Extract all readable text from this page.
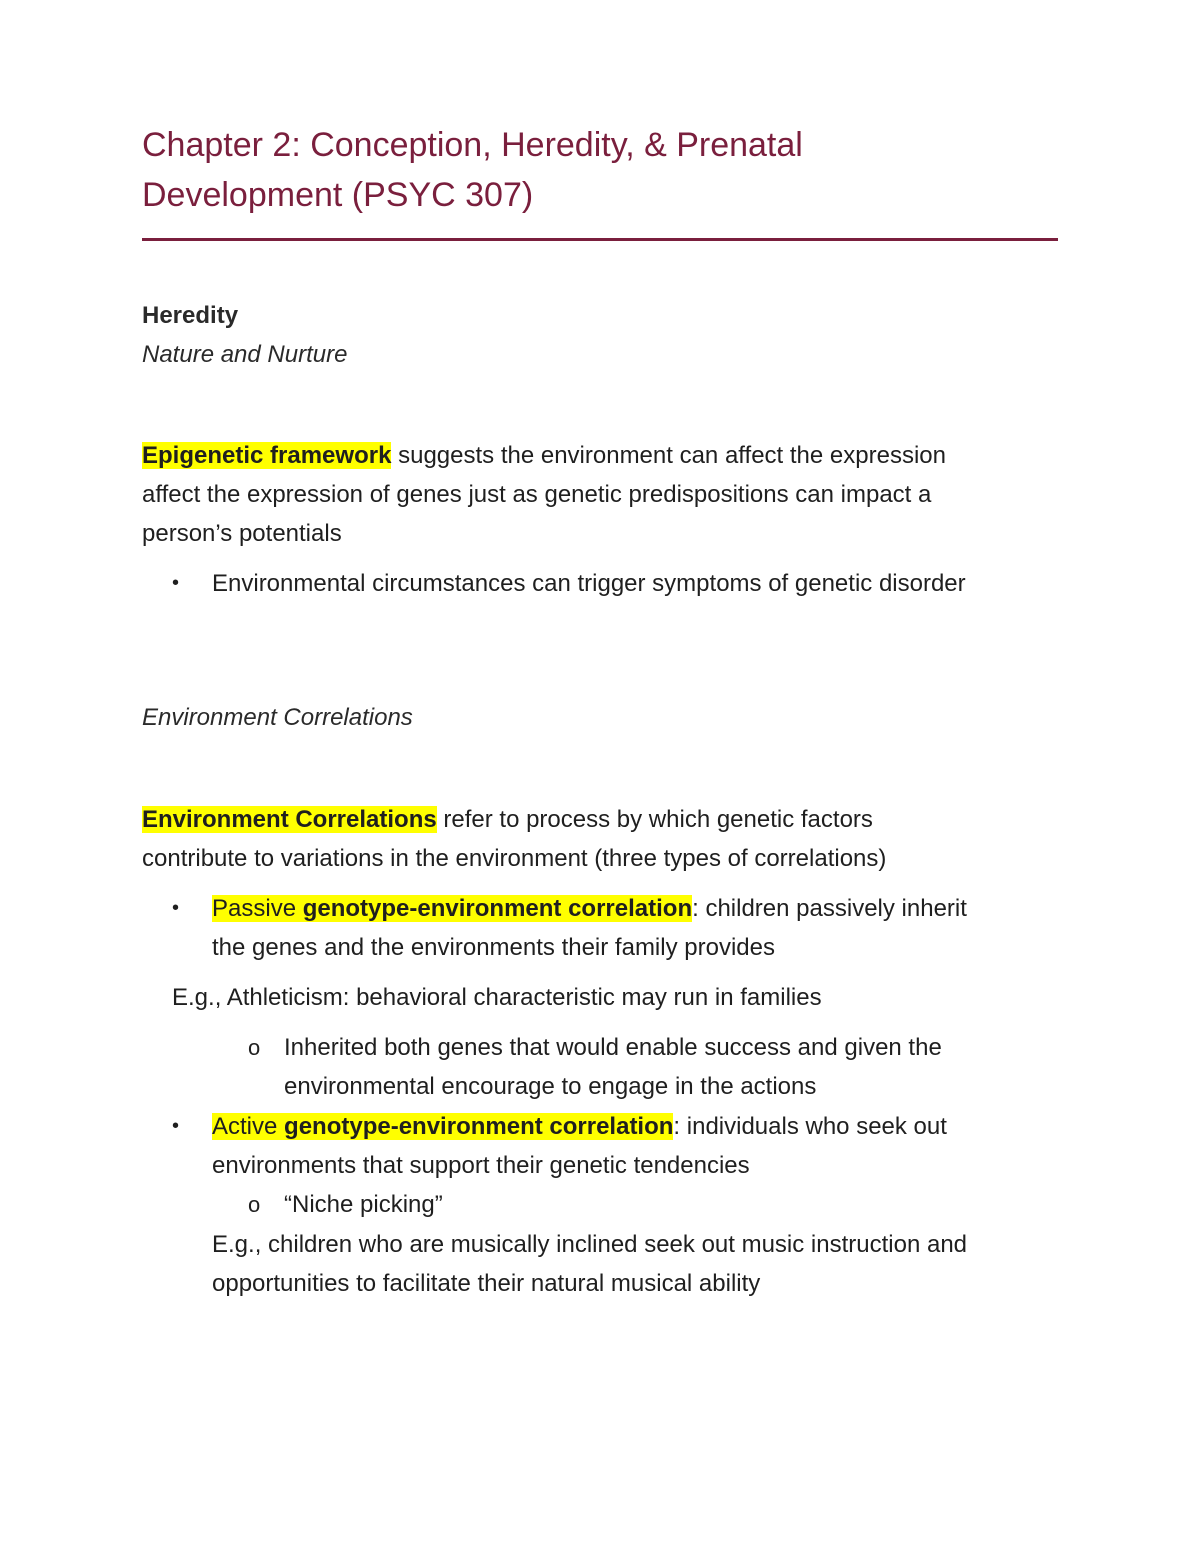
Chapter 2: Conception, Heredity, & Prenatal
Development (PSYC 307)

Heredity

Nature and Nurture

Epigenetic framework suggests the environment can affect the expression

affect the expression of genes just as genetic predispositions can impact a

person’s potentials

• Environmental circumstances can trigger symptoms of genetic disorder

Environment Correlations

Environment Correlations refer to process by which genetic factors

contribute to variations in the environment (three types of correlations)

• Passive genotype-environment correlation: children passively inherit

the genes and the environments their family provides

E.g., Athleticism: behavioral characteristic may run in families

o Inherited both genes that would enable success and given the

environmental encourage to engage in the actions

• Active genotype-environment correlation: individuals who seek out

environments that support their genetic tendencies

o “Niche picking”

E.g., children who are musically inclined seek out music instruction and

opportunities to facilitate their natural musical ability
